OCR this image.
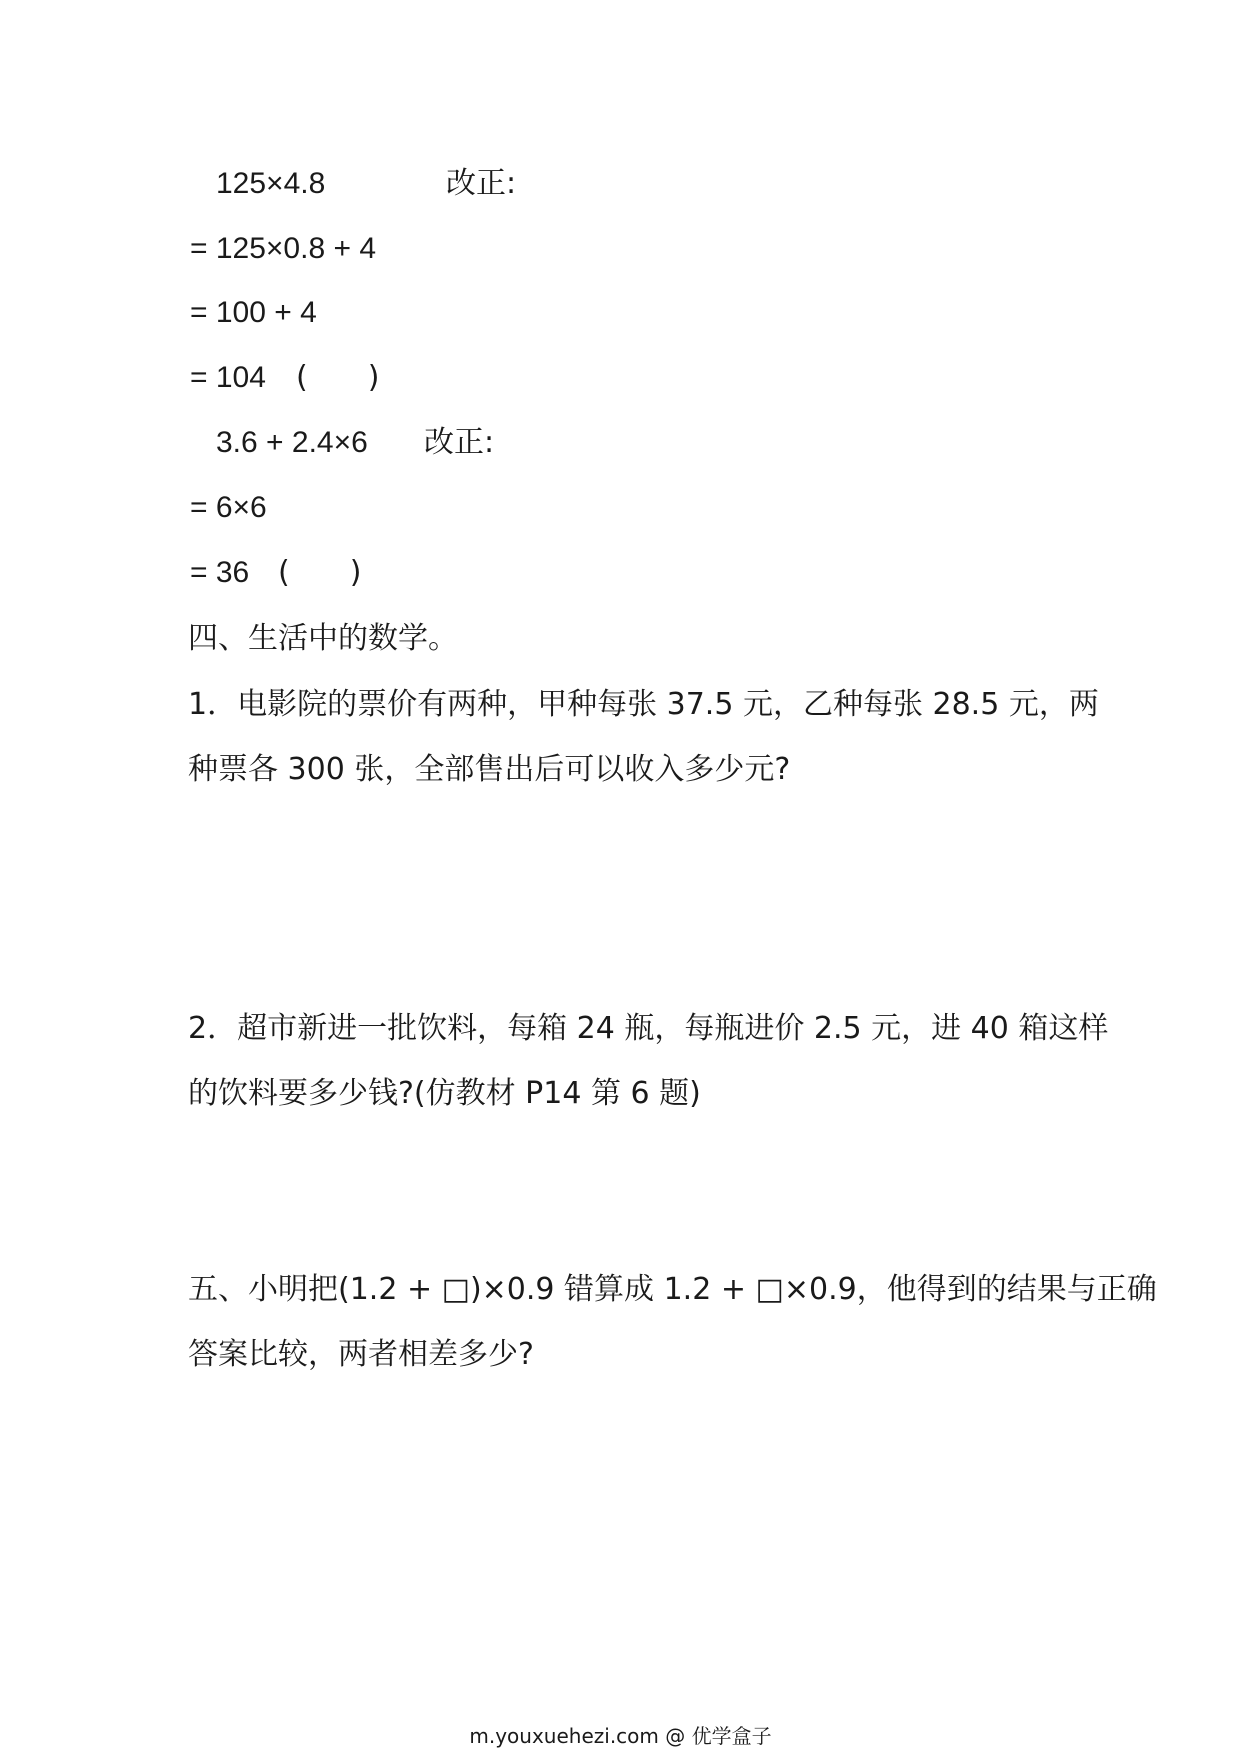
125×4.8	改正:
= 125×0.8 + 4
= 100 + 4
= 104 (　　)
3.6 + 2.4×6 改正:
= 6×6
= 36 (　　)
四、生活中的数学。
1．电影院的票价有两种，甲种每张 37.5 元，乙种每张 28.5 元，两
种票各 300 张，全部售出后可以收入多少元?
2．超市新进一批饮料，每箱 24 瓶，每瓶进价 2.5 元，进 40 箱这样
的饮料要多少钱?(仿教材 P14 第 6 题)
五、小明把(1.2 + □)×0.9 错算成 1.2 + □×0.9，他得到的结果与正确
答案比较，两者相差多少?
m.youxuehezi.com @ 优学盒子
